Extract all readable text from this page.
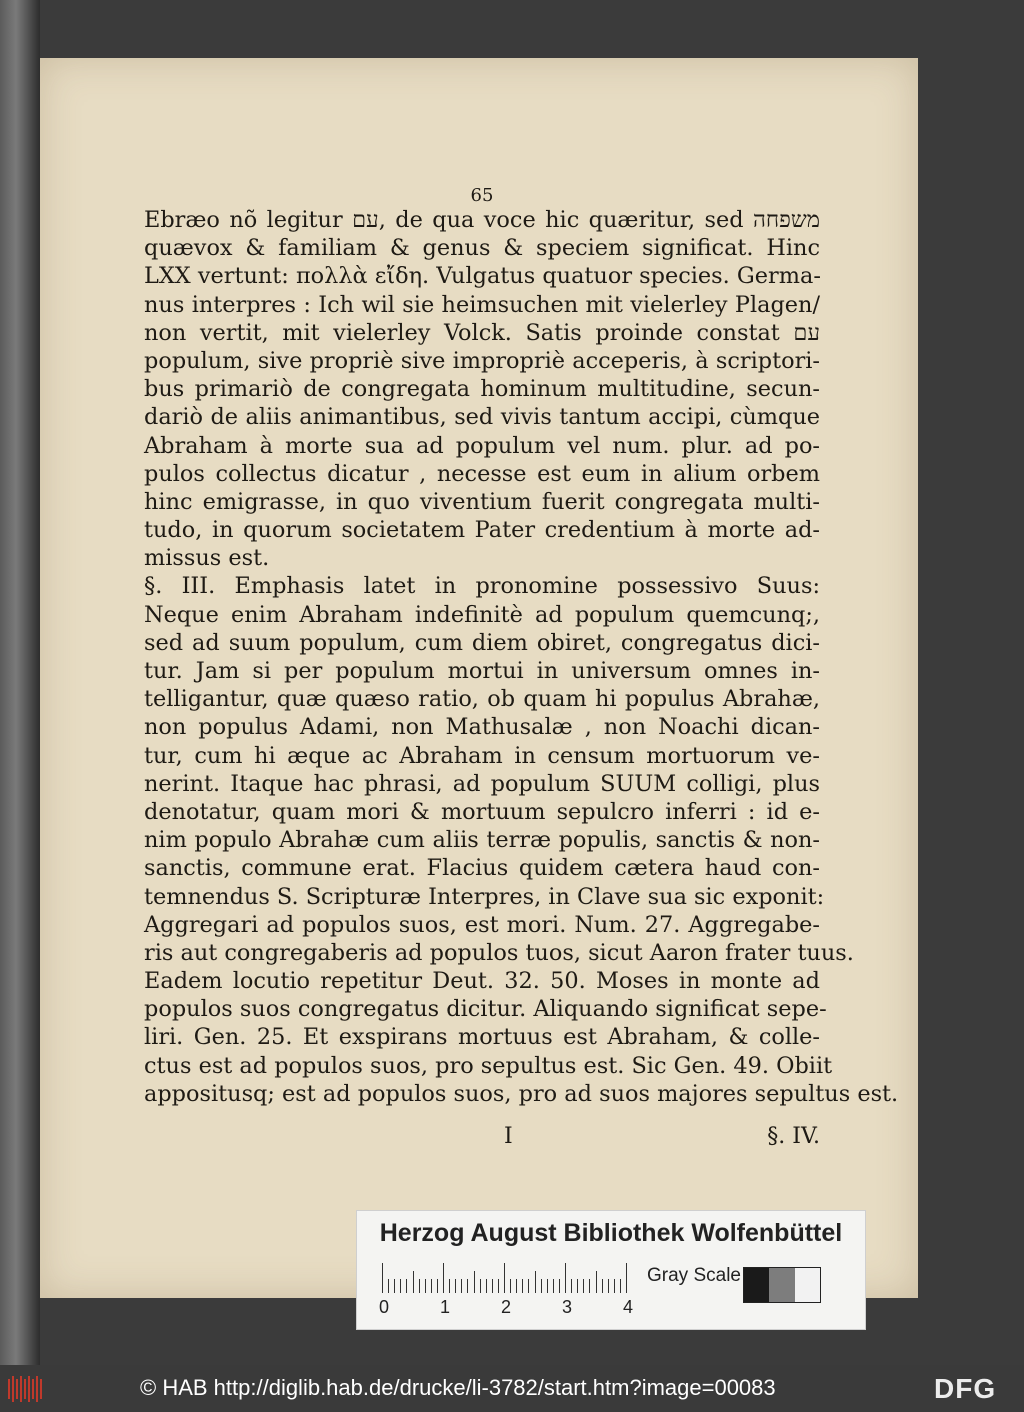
65
Ebræo nõ legitur עם, de qua voce hic quæritur, sed משפחה
quævox & familiam & genus & speciem significat. Hinc
LXX vertunt: πολλὰ εἴδη. Vulgatus quatuor species. Germa-
nus interpres : Ich wil sie heimsuchen mit vielerley Plagen/
non vertit, mit vielerley Volck. Satis proinde constat עם
populum, sive propriè sive impropriè acceperis, à scriptori-
bus primariò de congregata hominum multitudine, secun-
dariò de aliis animantibus, sed vivis tantum accipi, cùmque
Abraham à morte sua ad populum vel num. plur. ad po-
pulos collectus dicatur , necesse est eum in alium orbem
hinc emigrasse, in quo viventium fuerit congregata multi-
tudo, in quorum societatem Pater credentium à morte ad-
missus est.
§. III. Emphasis latet in pronomine possessivo Suus:
Neque enim Abraham indefinitè ad populum quemcunq;,
sed ad suum populum, cum diem obiret, congregatus dici-
tur. Jam si per populum mortui in universum omnes in-
telligantur, quæ quæso ratio, ob quam hi populus Abrahæ,
non populus Adami, non Mathusalæ , non Noachi dican-
tur, cum hi æque ac Abraham in censum mortuorum ve-
nerint. Itaque hac phrasi, ad populum SUUM colligi, plus
denotatur, quam mori & mortuum sepulcro inferri : id e-
nim populo Abrahæ cum aliis terræ populis, sanctis & non-
sanctis, commune erat. Flacius quidem cætera haud con-
temnendus S. Scripturæ Interpres, in Clave sua sic exponit:
Aggregari ad populos suos, est mori. Num. 27. Aggregabe-
ris aut congregaberis ad populos tuos, sicut Aaron frater tuus.
Eadem locutio repetitur Deut. 32. 50. Moses in monte ad
populos suos congregatus dicitur. Aliquando significat sepe-
liri. Gen. 25. Et exspirans mortuus est Abraham, & colle-
ctus est ad populos suos, pro sepultus est. Sic Gen. 49. Obiit
appositusq; est ad populos suos, pro ad suos majores sepultus est.
I	§. IV.
Herzog August Bibliothek Wolfenbüttel
0	1	2	3	4
Gray Scale
© HAB http://diglib.hab.de/drucke/li-3782/start.htm?image=00083	DFG
